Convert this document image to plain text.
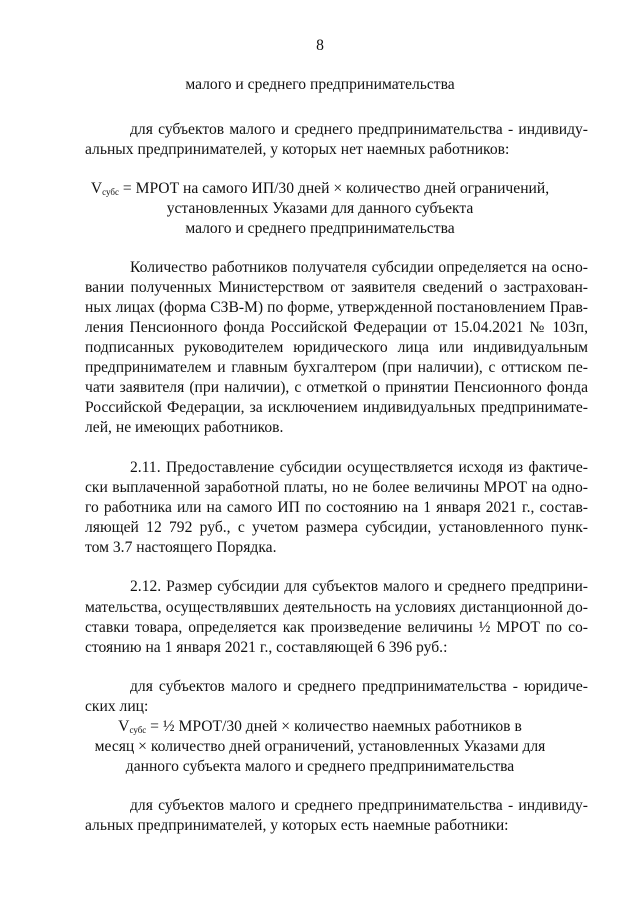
8
малого и среднего предпринимательства
для субъектов малого и среднего предпринимательства - индивиду-
альных предпринимателей, у которых нет наемных работников:
$V_{субс}$ = МРОТ на самого ИП/30 дней × количество дней ограничений,
установленных Указами для данного субъекта
малого и среднего предпринимательства
Количество работников получателя субсидии определяется на осно-
вании полученных Министерством от заявителя сведений о застрахован-
ных лицах (форма СЗВ-М) по форме, утвержденной постановлением Прав-
ления Пенсионного фонда Российской Федерации от 15.04.2021 № 103п,
подписанных руководителем юридического лица или индивидуальным
предпринимателем и главным бухгалтером (при наличии), с оттиском пе-
чати заявителя (при наличии), с отметкой о принятии Пенсионного фонда
Российской Федерации, за исключением индивидуальных предпринимате-
лей, не имеющих работников.
2.11. Предоставление субсидии осуществляется исходя из фактиче-
ски выплаченной заработной платы, но не более величины МРОТ на одно-
го работника или на самого ИП по состоянию на 1 января 2021 г., состав-
ляющей 12 792 руб., с учетом размера субсидии, установленного пунк-
том 3.7 настоящего Порядка.
2.12. Размер субсидии для субъектов малого и среднего предприни-
мательства, осуществлявших деятельность на условиях дистанционной до-
ставки товара, определяется как произведение величины ½ МРОТ по со-
стоянию на 1 января 2021 г., составляющей 6 396 руб.:
для субъектов малого и среднего предпринимательства - юридиче-
ских лиц:
$V_{субс}$ = ½ МРОТ/30 дней × количество наемных работников в
месяц × количество дней ограничений, установленных Указами для
данного субъекта малого и среднего предпринимательства
для субъектов малого и среднего предпринимательства - индивиду-
альных предпринимателей, у которых есть наемные работники:
